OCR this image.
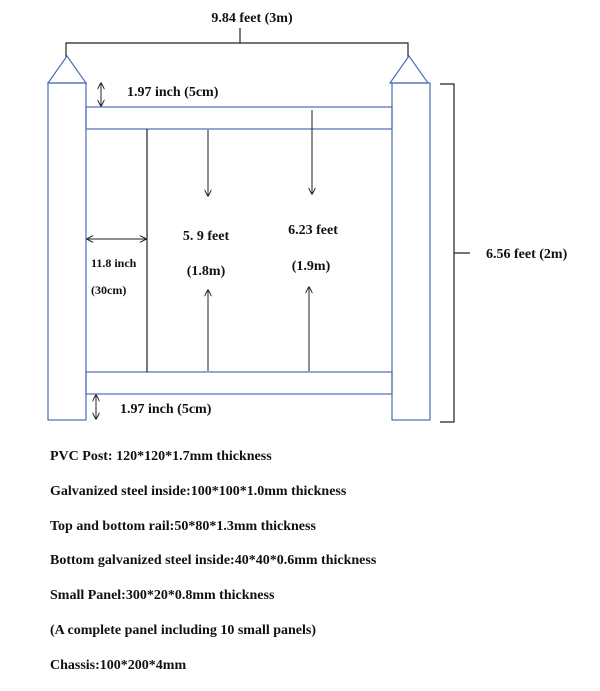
9.84 feet (3m)
1.97 inch (5cm)
1.97 inch (5cm)
11.8 inch
(30cm)
5. 9 feet
(1.8m)
6.23 feet
(1.9m)
6.56 feet (2m)
PVC Post: 120*120*1.7mm thickness
Galvanized steel inside:100*100*1.0mm thickness
Top and bottom rail:50*80*1.3mm thickness
Bottom galvanized steel inside:40*40*0.6mm thickness
Small Panel:300*20*0.8mm thickness
(A complete panel including 10 small panels)
Chassis:100*200*4mm
